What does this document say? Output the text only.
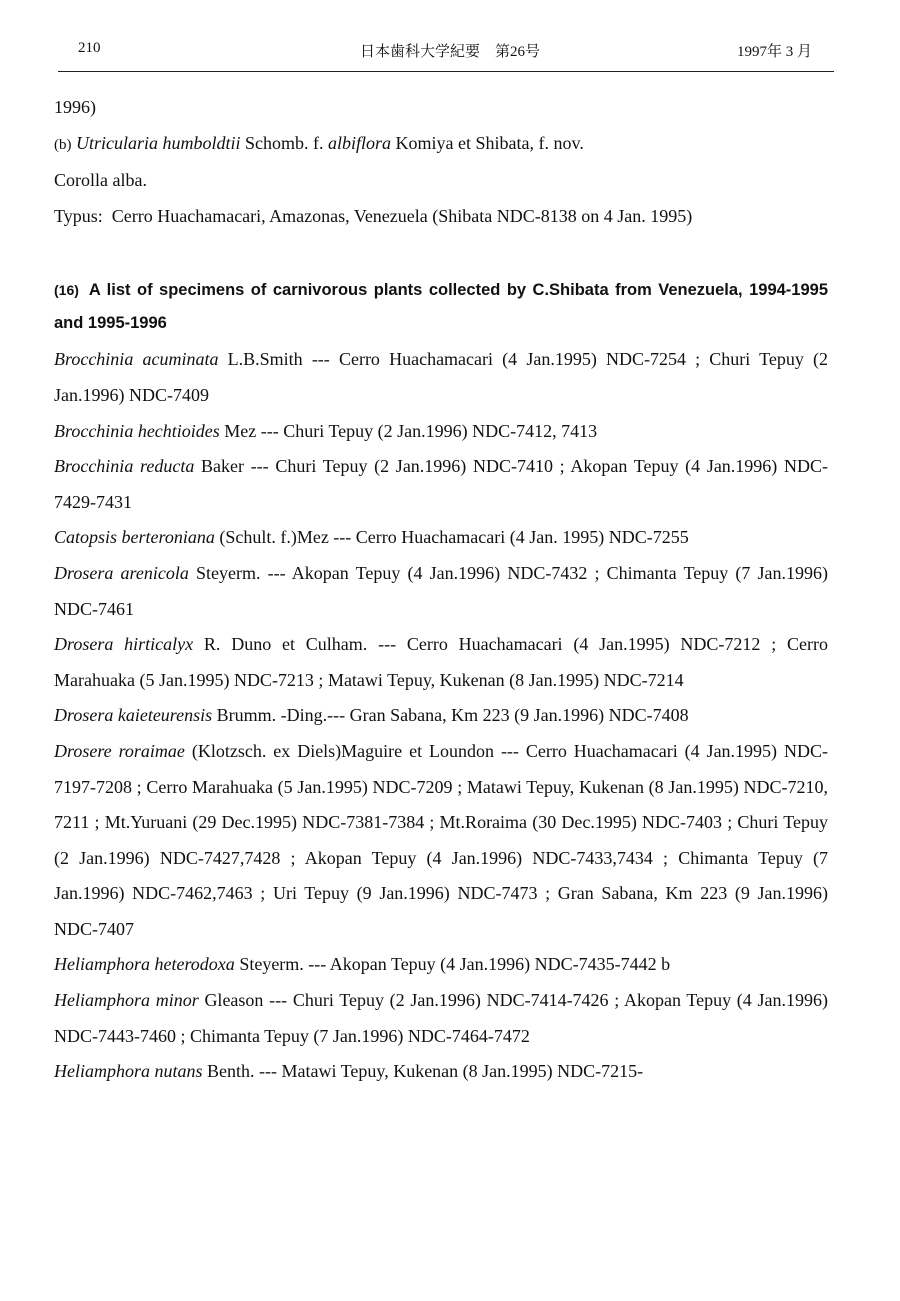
210	日本歯科大学紀要　第26号	1997年 3 月

1996)

(b) Utricularia humboldtii Schomb. f. albiflora Komiya et Shibata, f. nov.

Corolla alba.

Typus: Cerro Huachamacari, Amazonas, Venezuela (Shibata NDC-8138 on 4 Jan. 1995)

(16) A list of specimens of carnivorous plants collected by C.Shibata from Venezuela, 1994-1995 and 1995-1996

Brocchinia acuminata L.B.Smith --- Cerro Huachamacari (4 Jan.1995) NDC-7254 ; Churi Tepuy (2 Jan.1996) NDC-7409

Brocchinia hechtioides Mez --- Churi Tepuy (2 Jan.1996) NDC-7412, 7413

Brocchinia reducta Baker --- Churi Tepuy (2 Jan.1996) NDC-7410 ; Akopan Tepuy (4 Jan.1996) NDC-7429-7431

Catopsis berteroniana (Schult. f.)Mez --- Cerro Huachamacari (4 Jan. 1995) NDC-7255

Drosera arenicola Steyerm. --- Akopan Tepuy (4 Jan.1996) NDC-7432 ; Chimanta Tepuy (7 Jan.1996) NDC-7461

Drosera hirticalyx R. Duno et Culham. --- Cerro Huachamacari (4 Jan.1995) NDC-7212 ; Cerro Marahuaka (5 Jan.1995) NDC-7213 ; Matawi Tepuy, Kukenan (8 Jan.1995) NDC-7214

Drosera kaieteurensis Brumm. -Ding.--- Gran Sabana, Km 223 (9 Jan.1996) NDC-7408

Drosere roraimae (Klotzsch. ex Diels)Maguire et Loundon --- Cerro Huachamacari (4 Jan.1995) NDC-7197-7208 ; Cerro Marahuaka (5 Jan.1995) NDC-7209 ; Matawi Tepuy, Kukenan (8 Jan.1995) NDC-7210, 7211 ; Mt.Yuruani (29 Dec.1995) NDC-7381-7384 ; Mt.Roraima (30 Dec.1995) NDC-7403 ; Churi Tepuy (2 Jan.1996) NDC-7427,7428 ; Akopan Tepuy (4 Jan.1996) NDC-7433,7434 ; Chimanta Tepuy (7 Jan.1996) NDC-7462,7463 ; Uri Tepuy (9 Jan.1996) NDC-7473 ; Gran Sabana, Km 223 (9 Jan.1996) NDC-7407

Heliamphora heterodoxa Steyerm. --- Akopan Tepuy (4 Jan.1996) NDC-7435-7442 b

Heliamphora minor Gleason --- Churi Tepuy (2 Jan.1996) NDC-7414-7426 ; Akopan Tepuy (4 Jan.1996) NDC-7443-7460 ; Chimanta Tepuy (7 Jan.1996) NDC-7464-7472

Heliamphora nutans Benth. --- Matawi Tepuy, Kukenan (8 Jan.1995) NDC-7215-
